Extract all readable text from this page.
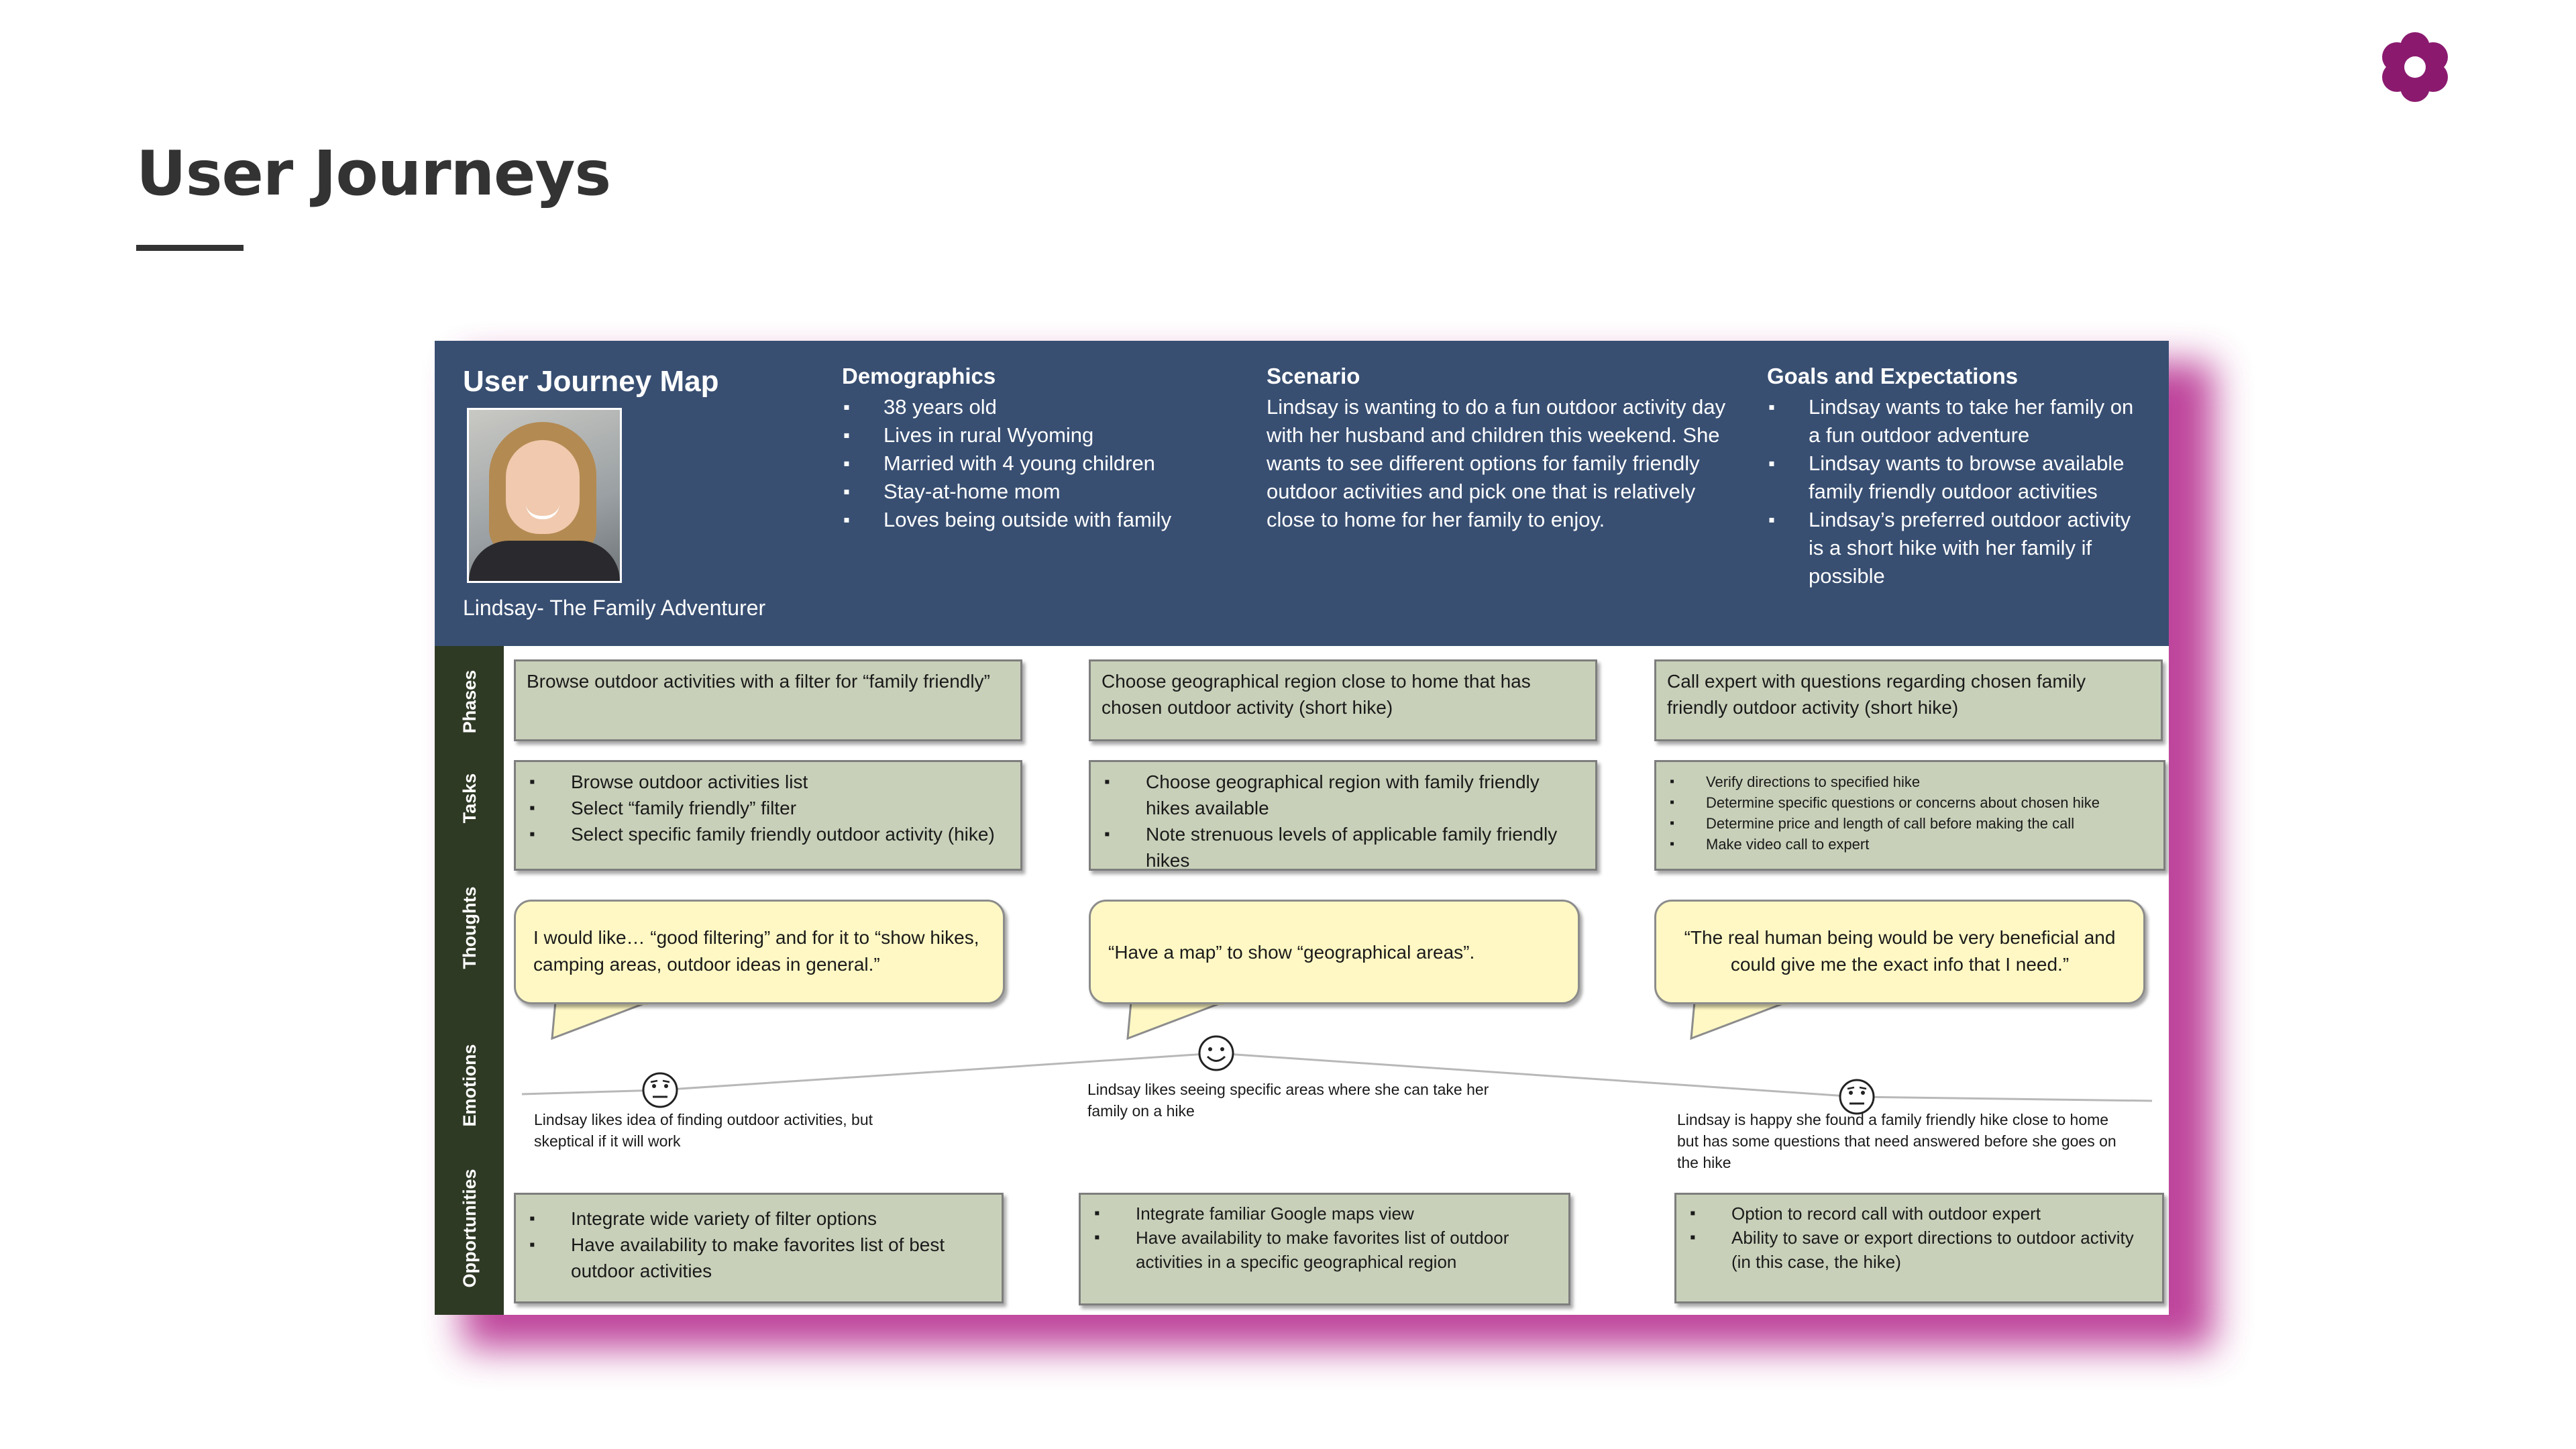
User Journeys
User Journey Map
Lindsay- The Family Adventurer
Demographics
▪ 38 years old
▪ Lives in rural Wyoming
▪ Married with 4 young children
▪ Stay-at-home mom
▪ Loves being outside with family
Scenario

Lindsay is wanting to do a fun outdoor activity day with her husband and children this weekend. She wants to see different options for family friendly outdoor activities and pick one that is relatively close to home for her family to enjoy.

Goals and Expectations
▪ Lindsay wants to take her family on a fun outdoor adventure
▪ Lindsay wants to browse available family friendly outdoor activities
▪ Lindsay’s preferred outdoor activity is a short hike with her family if possible
Phases
Tasks
Thoughts
Emotions
Opportunities
Browse outdoor activities with a filter for “family friendly”	Choose geographical region close to home that has chosen outdoor activity (short hike)
Call expert with questions regarding chosen family friendly outdoor activity (short hike)
▪ Browse outdoor activities list
▪ Select “family friendly” filter
▪ Select specific family friendly outdoor activity (hike)
▪ Choose geographical region with family friendly hikes available
▪ Note strenuous levels of applicable family friendly hikes
▪ Verify directions to specified hike
▪ Determine specific questions or concerns about chosen hike
▪ Determine price and length of call before making the call
▪ Make video call to expert
I would like… “good filtering” and for it to “show hikes, camping areas, outdoor ideas in general.”
“Have a map” to show “geographical areas”.
“The real human being would be very beneficial and could give me the exact info that I need.”
Lindsay likes idea of finding outdoor activities, but skeptical if it will work
Lindsay likes seeing specific areas where she can take her family on a hike	Lindsay is happy she found a family friendly hike close to home but has some questions that need answered before she goes on the hike
▪ Integrate wide variety of filter options
▪ Have availability to make favorites list of best outdoor activities
▪ Integrate familiar Google maps view
▪ Have availability to make favorites list of outdoor activities in a specific geographical region
▪ Option to record call with outdoor expert
▪ Ability to save or export directions to outdoor activity (in this case, the hike)
